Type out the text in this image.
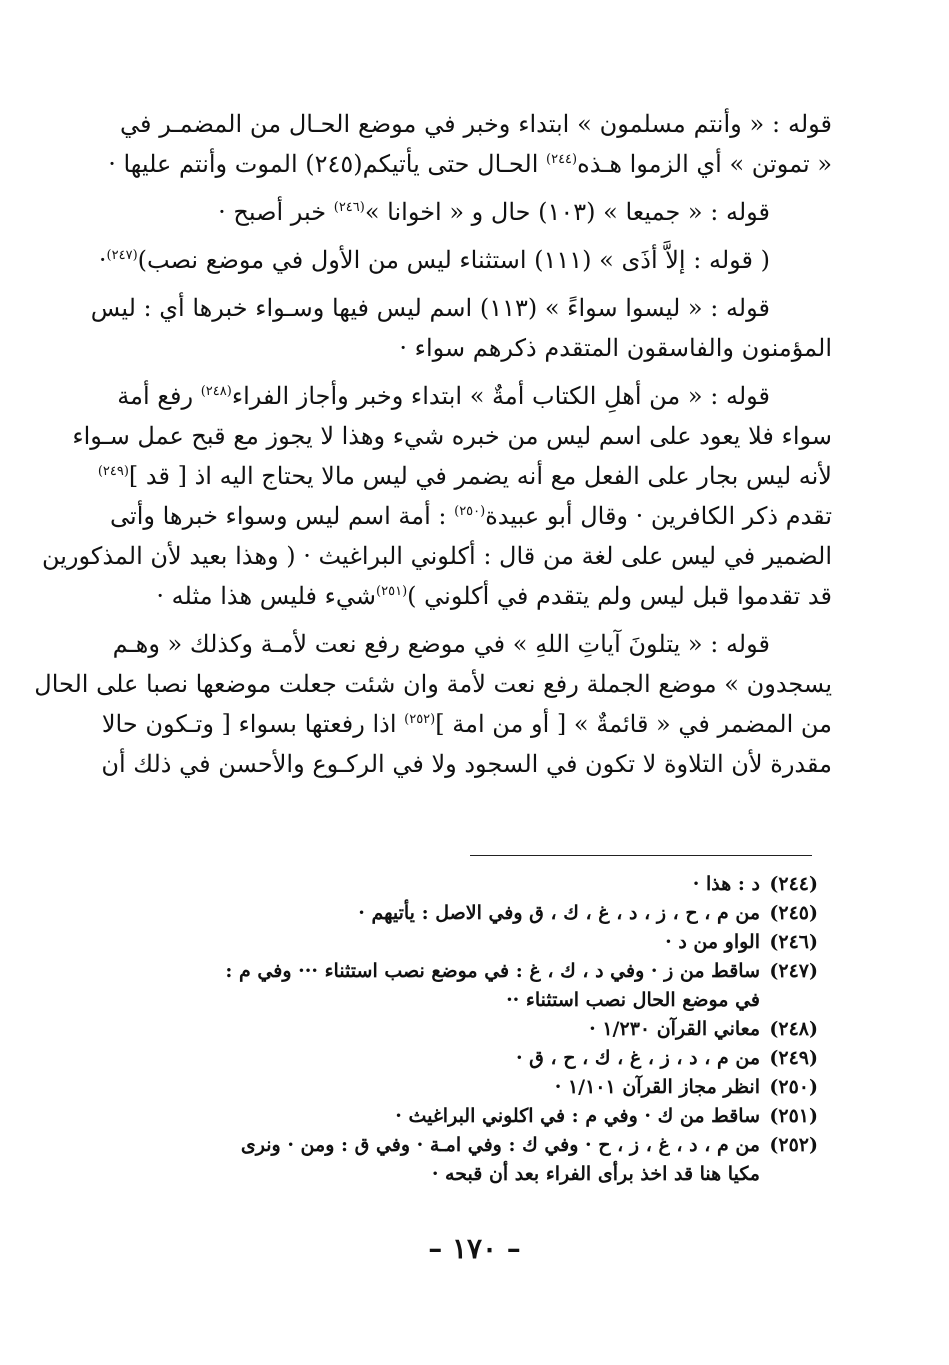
قوله : « وأنتم مسلمون » ابتداء وخبر في موضع الحـال من المضمـر في
« تموتن » أي الزموا هـذه$^{(٢٤٤)}$ الحـال حتى يأتيكم(٢٤٥) الموت وأنتم عليها ·
قوله : « جميعا » (١٠٣) حال و « اخوانا »$^{(٢٤٦)}$ خبر أصبح ·
( قوله : إلاَّ أذَى » (١١١) استثناء ليس من الأول في موضع نصب)$^{(٢٤٧)}$·
قوله : « ليسوا سواءً » (١١٣) اسم ليس فيها وسـواء خبرها أي : ليس
المؤمنون والفاسقون المتقدم ذكرهم سواء ·
قوله : « من أهلِ الكتاب أمةٌ » ابتداء وخبر وأجاز الفراء$^{(٢٤٨)}$ رفع أمة
سواء فلا يعود على اسم ليس من خبره شيء وهذا لا يجوز مع قبح عمل سـواء
لأنه ليس بجار على الفعل مع أنه يضمر في ليس مالا يحتاج اليه اذ [ قد ]$^{(٢٤٩)}$
تقدم ذكر الكافرين · وقال أبو عبيدة$^{(٢٥٠)}$ : أمة اسم ليس وسواء خبرها وأتى
الضمير في ليس على لغة من قال : أكلوني البراغيث · ( وهذا بعيد لأن المذكورين
قد تقدموا قبل ليس ولم يتقدم في أكلوني )$^{(٢٥١)}$شيء فليس هذا مثله ·
قوله : « يتلونَ آياتِ اللهِ » في موضع رفع نعت لأمـة وكذلك « وهـم
يسجدون » موضع الجملة رفع نعت لأمة وان شئت جعلت موضعها نصبا على الحال
من المضمر في « قائمةٌ » [ أو من امة ]$^{(٢٥٢)}$ اذا رفعتها بسواء [ وتـكون حالا
مقدرة لأن التلاوة لا تكون في السجود ولا في الركـوع والأحسن في ذلك أن
(٢٤٤)
د : هذا ·
(٢٤٥)
من م ، ح ، ز ، د ، غ ، ك ، ق وفي الاصل : يأتيهم ·
(٢٤٦)
الواو من د ·
(٢٤٧)
ساقط من ز · وفي د ، ك ، غ : في موضع نصب استثناء ··· وفي م :
في موضع الحال نصب استثناء ··
(٢٤٨)
معاني القرآن ١/٢٣٠ ·
(٢٤٩)
من م ، د ، ز ، غ ، ك ، ح ، ق ·
(٢٥٠)
انظر مجاز القرآن ١/١٠١ ·
(٢٥١)
ساقط من ك · وفي م : في اكلوني البراغيث ·
(٢٥٢)
من م ، د ، غ ، ز ، ح · وفي ك : وفي امـة · وفي ق : ومن · ونرى
مكيا هنا قد اخذ برأى الفراء بعد أن قبحه ·
– ١٧٠ –
